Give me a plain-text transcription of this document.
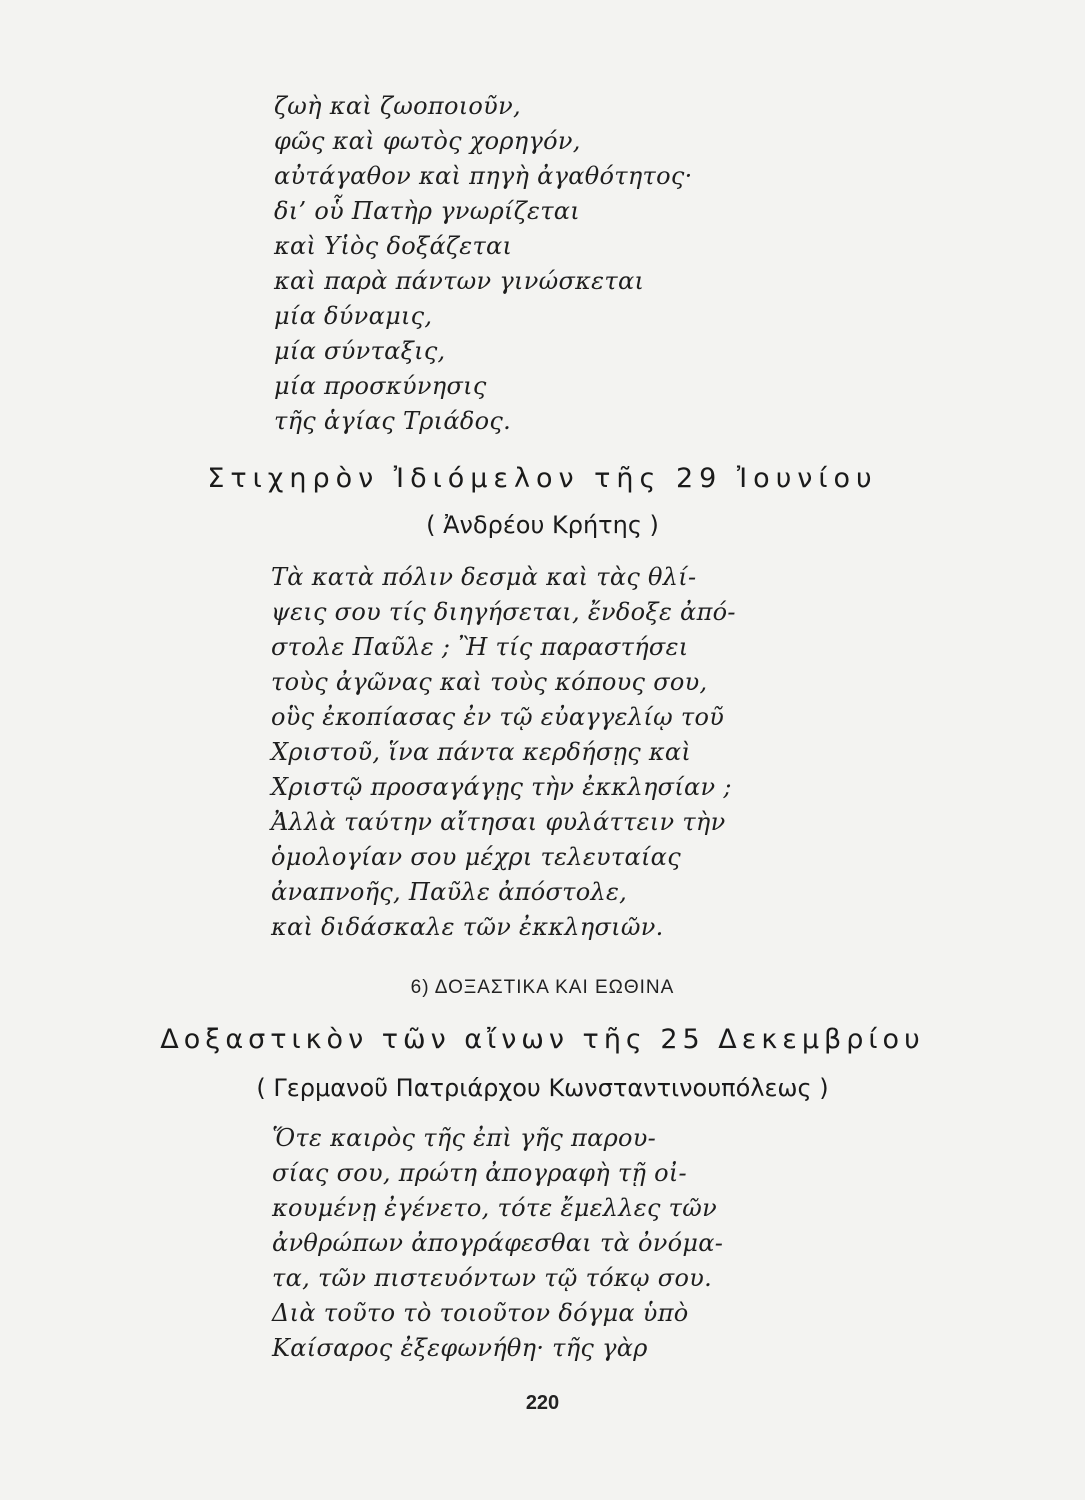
ζωὴ καὶ ζωοποιοῦν,
φῶς καὶ φωτὸς χορηγόν,
αὐτάγαθον καὶ πηγὴ ἀγαθότητος·
δι’ οὗ Πατὴρ γνωρίζεται
καὶ Υἱὸς δοξάζεται
καὶ παρὰ πάντων γινώσκεται
μία δύναμις,
μία σύνταξις,
μία προσκύνησις
τῆς ἁγίας Τριάδος.
Στιχηρὸν Ἰδιόμελον τῆς 29 Ἰουνίου
( Ἀνδρέου Κρήτης )
Τὰ κατὰ πόλιν δεσμὰ καὶ τὰς θλί-
ψεις σου τίς διηγήσεται, ἔνδοξε ἀπό-
στολε Παῦλε ; Ἢ τίς παραστήσει
τοὺς ἀγῶνας καὶ τοὺς κόπους σου,
οὓς ἐκοπίασας ἐν τῷ εὐαγγελίῳ τοῦ
Χριστοῦ, ἵνα πάντα κερδήσῃς καὶ
Χριστῷ προσαγάγῃς τὴν ἐκκλησίαν ;
Ἀλλὰ ταύτην αἴτησαι φυλάττειν τὴν
ὁμολογίαν σου μέχρι τελευταίας
ἀναπνοῆς, Παῦλε ἀπόστολε,
καὶ διδάσκαλε τῶν ἐκκλησιῶν.
6) ΔΟΞΑΣΤΙΚΑ ΚΑΙ ΕΩΘΙΝΑ
Δοξαστικὸν τῶν αἴνων τῆς 25 Δεκεμβρίου
( Γερμανοῦ Πατριάρχου Κωνσταντινουπόλεως )
Ὅτε καιρὸς τῆς ἐπὶ γῆς παρου-
σίας σου, πρώτη ἀπογραφὴ τῇ οἰ-
κουμένῃ ἐγένετο, τότε ἔμελλες τῶν
ἀνθρώπων ἀπογράφεσθαι τὰ ὀνόμα-
τα, τῶν πιστευόντων τῷ τόκῳ σου.
Διὰ τοῦτο τὸ τοιοῦτον δόγμα ὑπὸ
Καίσαρος ἐξεφωνήθη· τῆς γὰρ
220
